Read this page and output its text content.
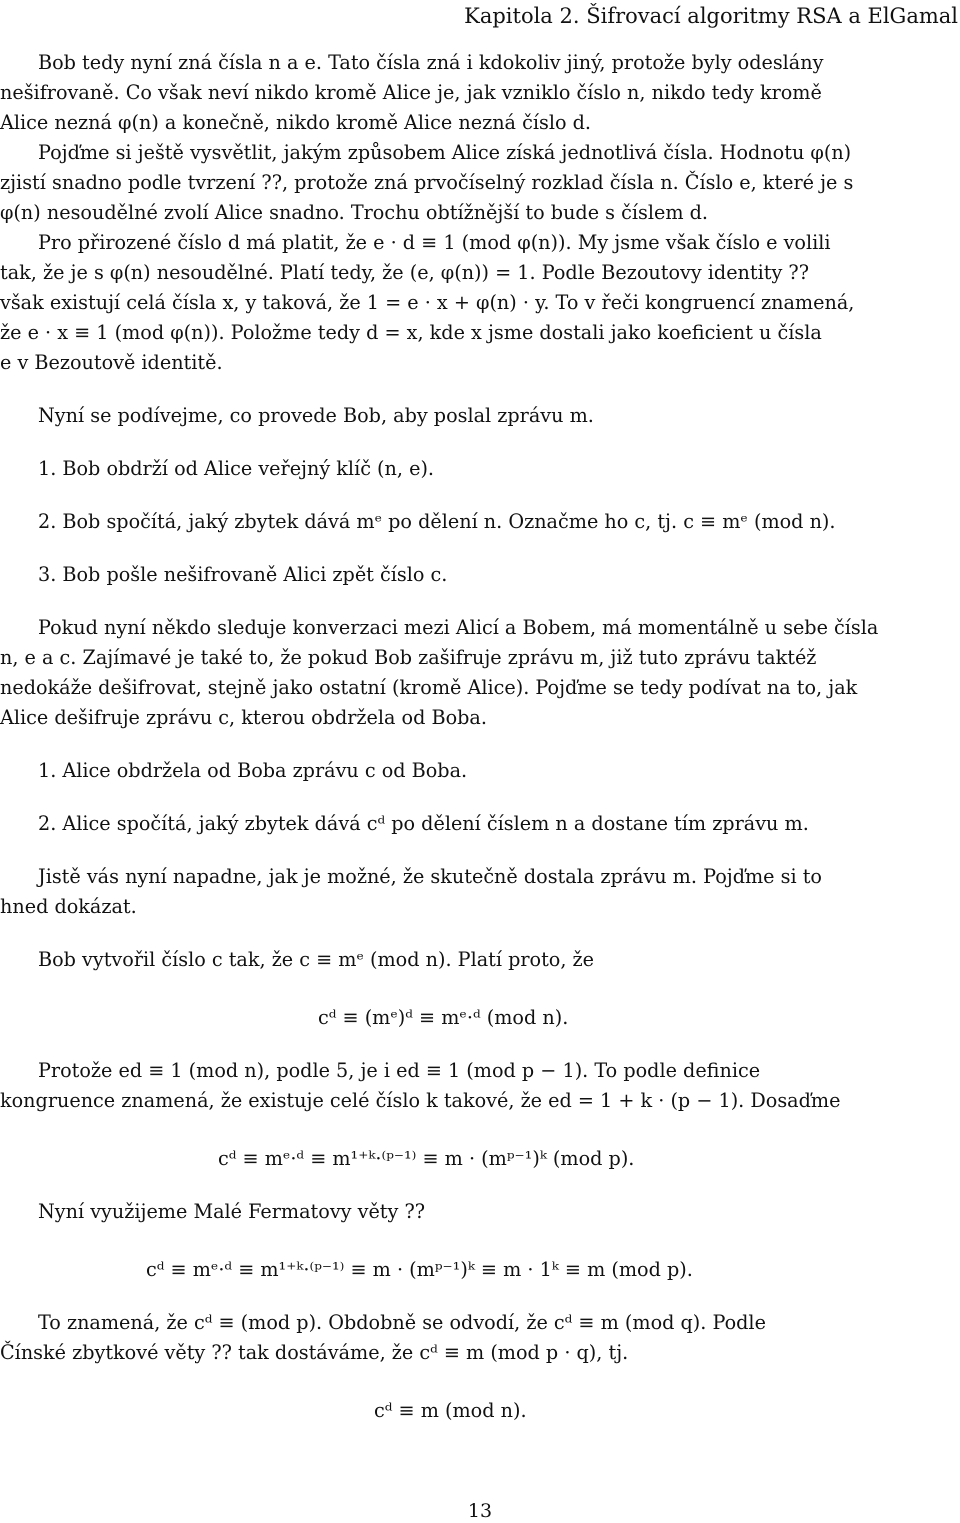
Kapitola 2. Šifrovací algoritmy RSA a ElGamal
Bob tedy nyní zná čísla n a e. Tato čísla zná i kdokoliv jiný, protože byly odeslány
nešifrovaně. Co však neví nikdo kromě Alice je, jak vzniklo číslo n, nikdo tedy kromě
Alice nezná φ(n) a konečně, nikdo kromě Alice nezná číslo d.
Pojďme si ještě vysvětlit, jakým způsobem Alice získá jednotlivá čísla. Hodnotu φ(n)
zjistí snadno podle tvrzení ??, protože zná prvočíselný rozklad čísla n. Číslo e, které je s
φ(n) nesoudělné zvolí Alice snadno. Trochu obtížnější to bude s číslem d.
Pro přirozené číslo d má platit, že e · d ≡ 1 (mod φ(n)). My jsme však číslo e volili
tak, že je s φ(n) nesoudělné. Platí tedy, že (e, φ(n)) = 1. Podle Bezoutovy identity ??
však existují celá čísla x, y taková, že 1 = e · x + φ(n) · y. To v řeči kongruencí znamená,
že e · x ≡ 1 (mod φ(n)). Položme tedy d = x, kde x jsme dostali jako koeficient u čísla
e v Bezoutově identitě.
Nyní se podívejme, co provede Bob, aby poslal zprávu m.
1. Bob obdrží od Alice veřejný klíč (n, e).
2. Bob spočítá, jaký zbytek dává mᵉ po dělení n. Označme ho c, tj. c ≡ mᵉ (mod n).
3. Bob pošle nešifrovaně Alici zpět číslo c.
Pokud nyní někdo sleduje konverzaci mezi Alicí a Bobem, má momentálně u sebe čísla
n, e a c. Zajímavé je také to, že pokud Bob zašifruje zprávu m, již tuto zprávu taktéž
nedokáže dešifrovat, stejně jako ostatní (kromě Alice). Pojďme se tedy podívat na to, jak
Alice dešifruje zprávu c, kterou obdržela od Boba.
1. Alice obdržela od Boba zprávu c od Boba.
2. Alice spočítá, jaký zbytek dává cᵈ po dělení číslem n a dostane tím zprávu m.
Jistě vás nyní napadne, jak je možné, že skutečně dostala zprávu m. Pojďme si to
hned dokázat.
Bob vytvořil číslo c tak, že c ≡ mᵉ (mod n). Platí proto, že
cᵈ ≡ (mᵉ)ᵈ ≡ mᵉ·ᵈ (mod n).
Protože ed ≡ 1 (mod n), podle 5, je i ed ≡ 1 (mod p − 1). To podle definice
kongruence znamená, že existuje celé číslo k takové, že ed = 1 + k · (p − 1). Dosaďme
cᵈ ≡ mᵉ·ᵈ ≡ m¹⁺ᵏ·⁽ᵖ⁻¹⁾ ≡ m · (mᵖ⁻¹)ᵏ (mod p).
Nyní využijeme Malé Fermatovy věty ??
cᵈ ≡ mᵉ·ᵈ ≡ m¹⁺ᵏ·⁽ᵖ⁻¹⁾ ≡ m · (mᵖ⁻¹)ᵏ ≡ m · 1ᵏ ≡ m (mod p).
To znamená, že cᵈ ≡ (mod p). Obdobně se odvodí, že cᵈ ≡ m (mod q). Podle
Čínské zbytkové věty ?? tak dostáváme, že cᵈ ≡ m (mod p · q), tj.
cᵈ ≡ m (mod n).
13
